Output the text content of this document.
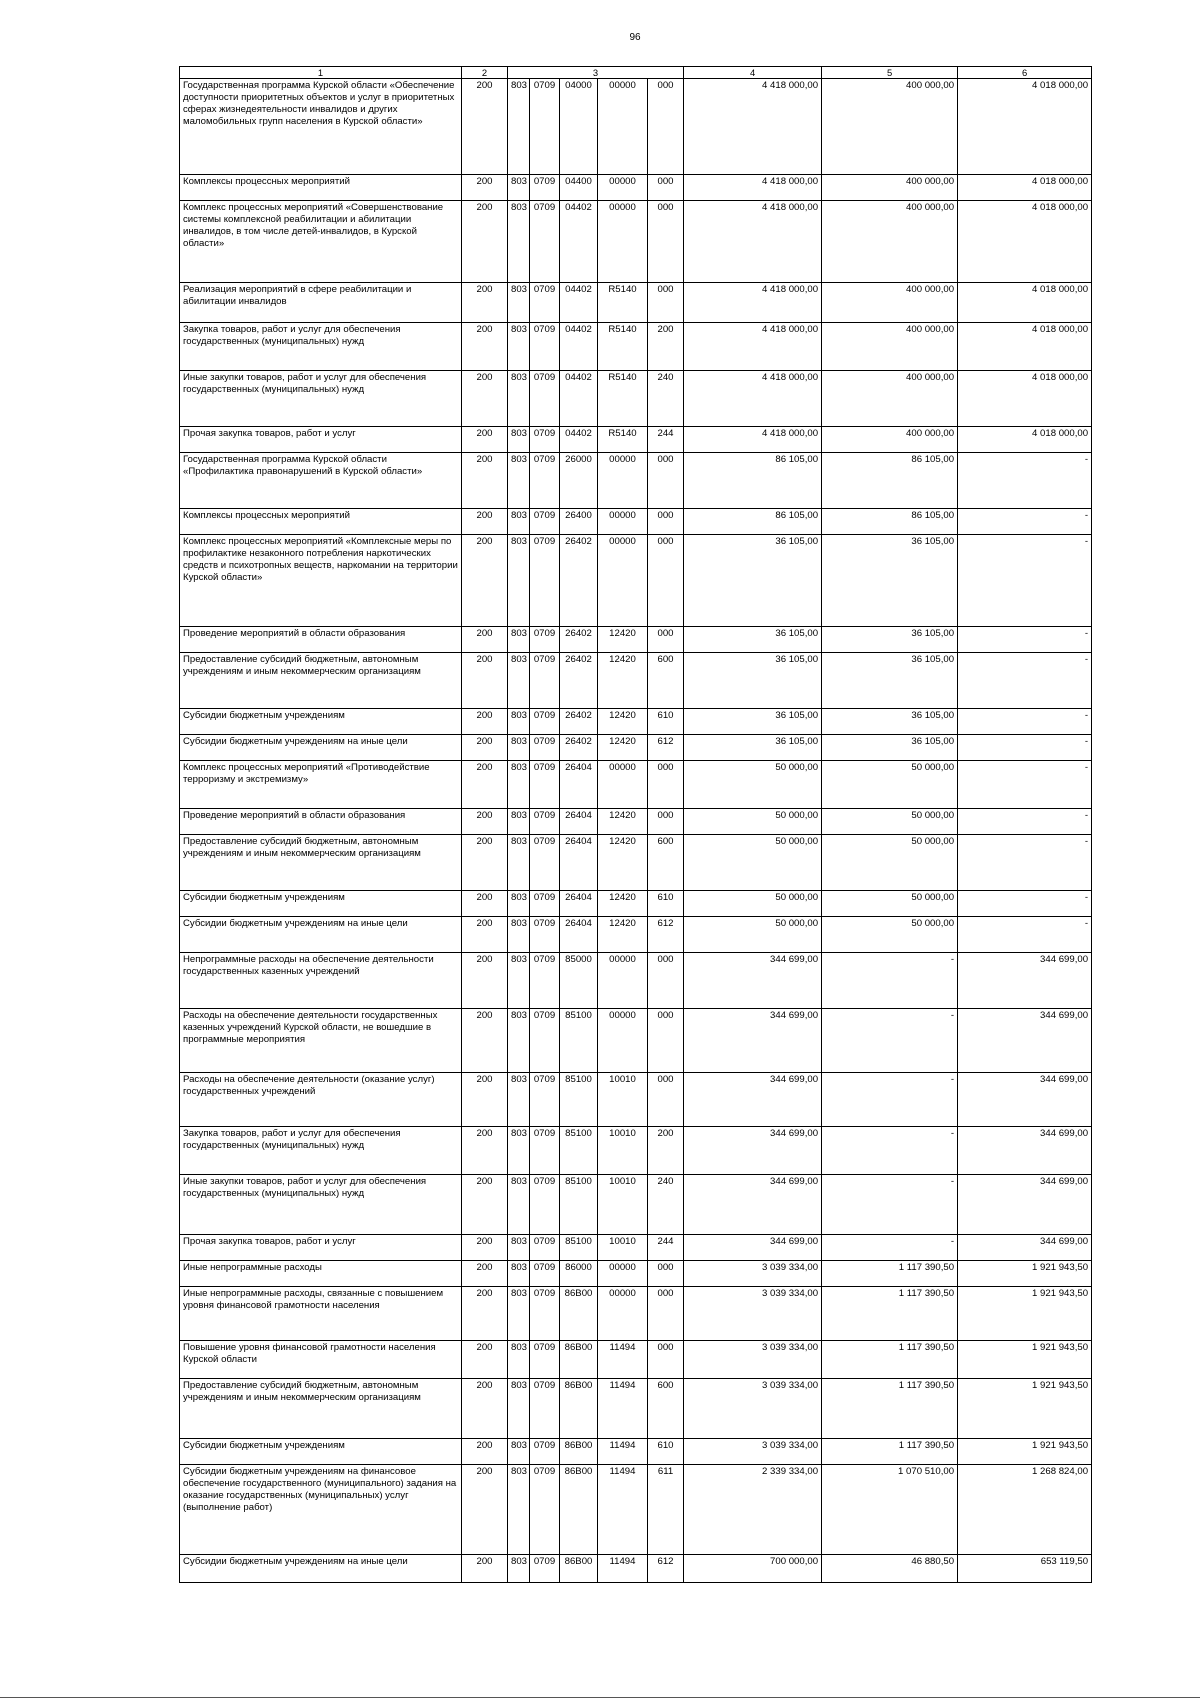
96
1	2	3					4	5	6
Государственная программа Курской области «Обеспечение доступности приоритетных объектов и услуг в приоритетных сферах жизнедеятельности инвалидов и других маломобильных групп населения в Курской области»	200	803	0709	04000	00000	000	4 418 000,00	400 000,00	4 018 000,00
Комплексы процессных мероприятий	200	803	0709	04400	00000	000	4 418 000,00	400 000,00	4 018 000,00
Комплекс процессных мероприятий «Совершенствование системы комплексной реабилитации и абилитации инвалидов, в том числе детей-инвалидов, в Курской области»	200	803	0709	04402	00000	000	4 418 000,00	400 000,00	4 018 000,00
Реализация мероприятий в сфере реабилитации и абилитации инвалидов	200	803	0709	04402	R5140	000	4 418 000,00	400 000,00	4 018 000,00
Закупка товаров, работ и услуг для обеспечения государственных (муниципальных) нужд	200	803	0709	04402	R5140	200	4 418 000,00	400 000,00	4 018 000,00
Иные закупки товаров, работ и услуг для обеспечения государственных (муниципальных) нужд	200	803	0709	04402	R5140	240	4 418 000,00	400 000,00	4 018 000,00
Прочая закупка товаров, работ и услуг	200	803	0709	04402	R5140	244	4 418 000,00	400 000,00	4 018 000,00
Государственная программа Курской области «Профилактика правонарушений в Курской области»	200	803	0709	26000	00000	000	86 105,00	86 105,00	-
Комплексы процессных мероприятий	200	803	0709	26400	00000	000	86 105,00	86 105,00	-
Комплекс процессных мероприятий «Комплексные меры по профилактике незаконного потребления наркотических средств и психотропных веществ, наркомании на территории Курской области»	200	803	0709	26402	00000	000	36 105,00	36 105,00	-
Проведение мероприятий в области образования	200	803	0709	26402	12420	000	36 105,00	36 105,00	-
Предоставление субсидий бюджетным, автономным учреждениям и иным некоммерческим организациям	200	803	0709	26402	12420	600	36 105,00	36 105,00	-
Субсидии бюджетным учреждениям	200	803	0709	26402	12420	610	36 105,00	36 105,00	-
Субсидии бюджетным учреждениям на иные цели	200	803	0709	26402	12420	612	36 105,00	36 105,00	-
Комплекс процессных мероприятий «Противодействие терроризму и экстремизму»	200	803	0709	26404	00000	000	50 000,00	50 000,00	-
Проведение мероприятий в области образования	200	803	0709	26404	12420	000	50 000,00	50 000,00	-
Предоставление субсидий бюджетным, автономным учреждениям и иным некоммерческим организациям	200	803	0709	26404	12420	600	50 000,00	50 000,00	-
Субсидии бюджетным учреждениям	200	803	0709	26404	12420	610	50 000,00	50 000,00	-
Субсидии бюджетным учреждениям на иные цели	200	803	0709	26404	12420	612	50 000,00	50 000,00	-
Непрограммные расходы на обеспечение деятельности государственных казенных учреждений	200	803	0709	85000	00000	000	344 699,00	-	344 699,00
Расходы на обеспечение деятельности государственных казенных учреждений Курской области, не вошедшие в программные мероприятия	200	803	0709	85100	00000	000	344 699,00	-	344 699,00
Расходы на обеспечение деятельности (оказание услуг) государственных учреждений	200	803	0709	85100	10010	000	344 699,00	-	344 699,00
Закупка товаров, работ и услуг для обеспечения государственных (муниципальных) нужд	200	803	0709	85100	10010	200	344 699,00	-	344 699,00
Иные закупки товаров, работ и услуг для обеспечения государственных (муниципальных) нужд	200	803	0709	85100	10010	240	344 699,00	-	344 699,00
Прочая закупка товаров, работ и услуг	200	803	0709	85100	10010	244	344 699,00	-	344 699,00
Иные непрограммные расходы	200	803	0709	86000	00000	000	3 039 334,00	1 117 390,50	1 921 943,50
Иные непрограммные расходы, связанные с повышением уровня финансовой грамотности населения	200	803	0709	86В00	00000	000	3 039 334,00	1 117 390,50	1 921 943,50
Повышение уровня финансовой грамотности населения Курской области	200	803	0709	86В00	11494	000	3 039 334,00	1 117 390,50	1 921 943,50
Предоставление субсидий бюджетным, автономным учреждениям и иным некоммерческим организациям	200	803	0709	86В00	11494	600	3 039 334,00	1 117 390,50	1 921 943,50
Субсидии бюджетным учреждениям	200	803	0709	86В00	11494	610	3 039 334,00	1 117 390,50	1 921 943,50
Субсидии бюджетным учреждениям на финансовое обеспечение государственного (муниципального) задания на оказание государственных (муниципальных) услуг (выполнение работ)	200	803	0709	86В00	11494	611	2 339 334,00	1 070 510,00	1 268 824,00
Субсидии бюджетным учреждениям на иные цели	200	803	0709	86В00	11494	612	700 000,00	46 880,50	653 119,50
